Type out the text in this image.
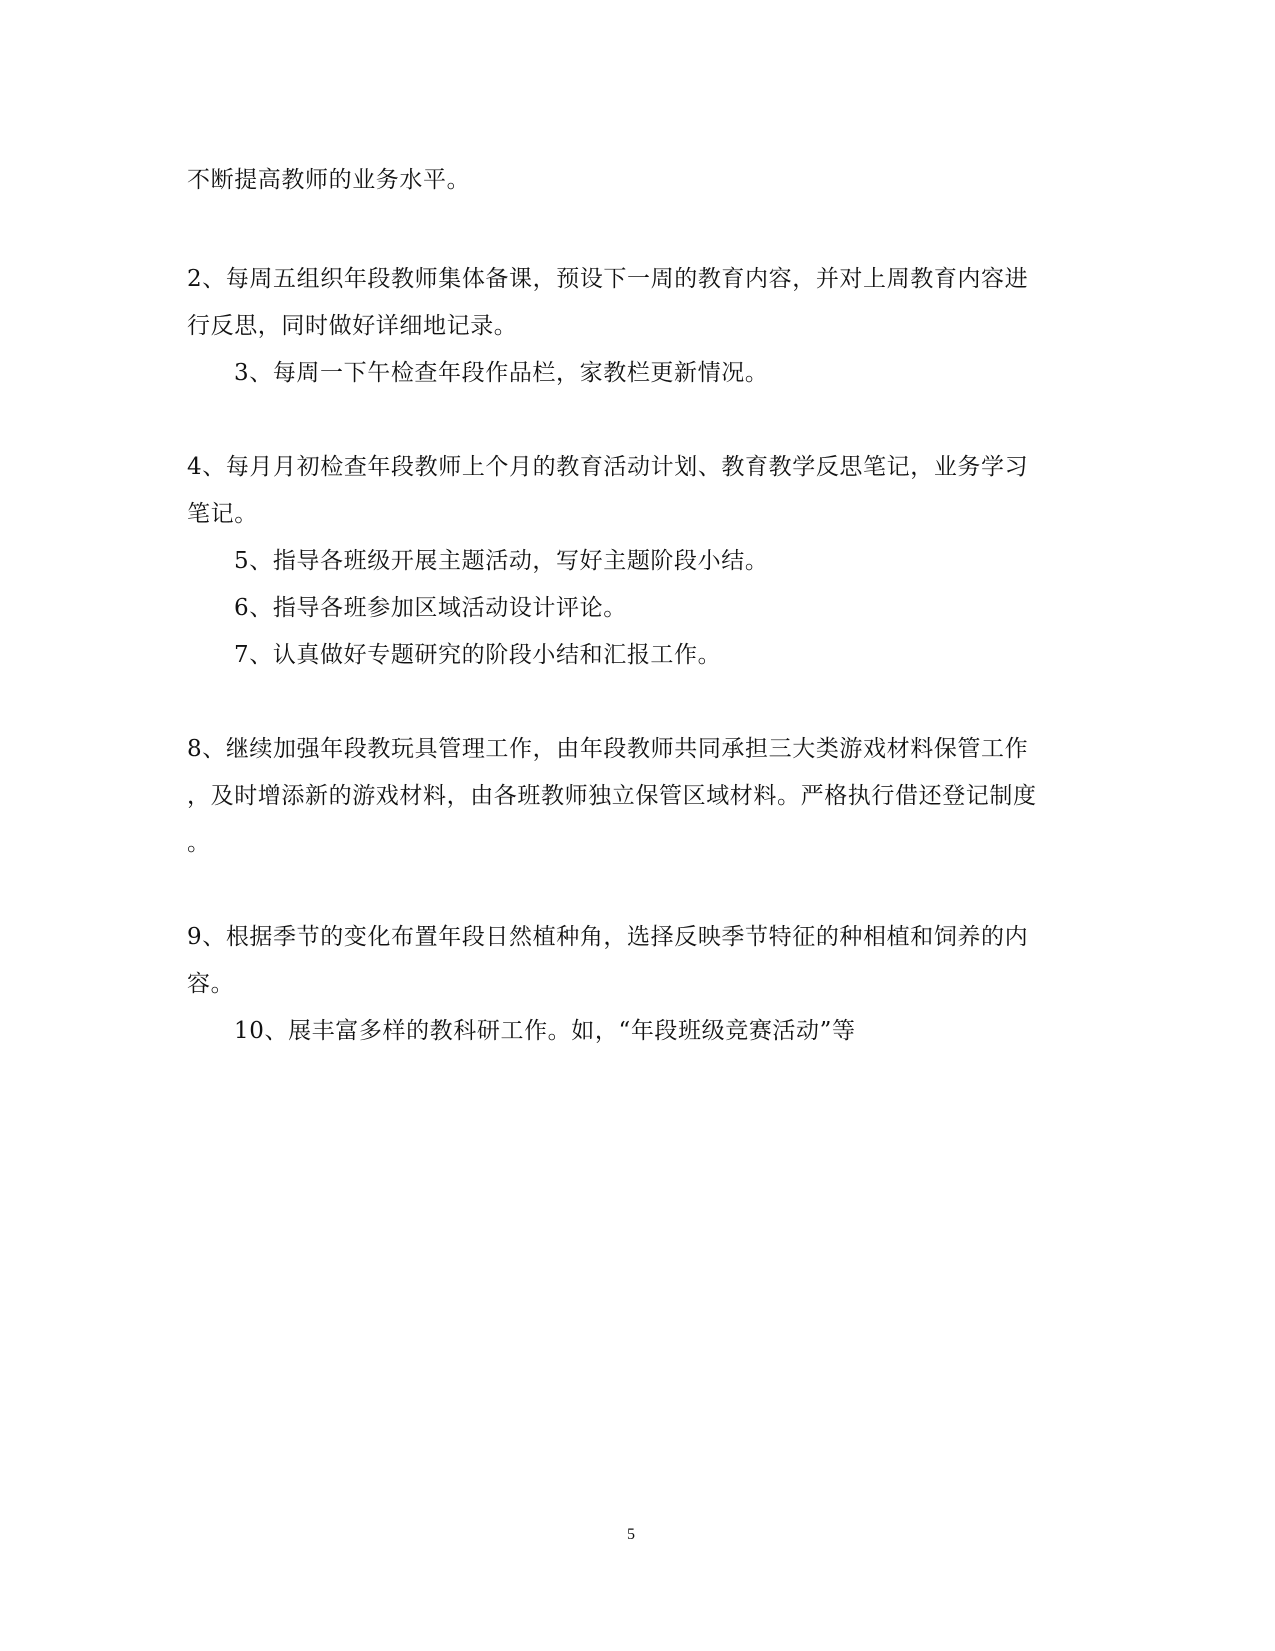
不断提高教师的业务水平。

2、每周五组织年段教师集体备课，预设下一周的教育内容，并对上周教育内容进

行反思，同时做好详细地记录。

3、每周一下午检查年段作品栏，家教栏更新情况。

4、每月月初检查年段教师上个月的教育活动计划、教育教学反思笔记，业务学习

笔记。

5、指导各班级开展主题活动，写好主题阶段小结。

6、指导各班参加区域活动设计评论。

7、认真做好专题研究的阶段小结和汇报工作。

8、继续加强年段教玩具管理工作，由年段教师共同承担三大类游戏材料保管工作

，及时增添新的游戏材料，由各班教师独立保管区域材料。严格执行借还登记制度

。

9、根据季节的变化布置年段日然植种角，选择反映季节特征的种相植和饲养的内

容。

10、展丰富多样的教科研工作。如，“年段班级竞赛活动”等

5
